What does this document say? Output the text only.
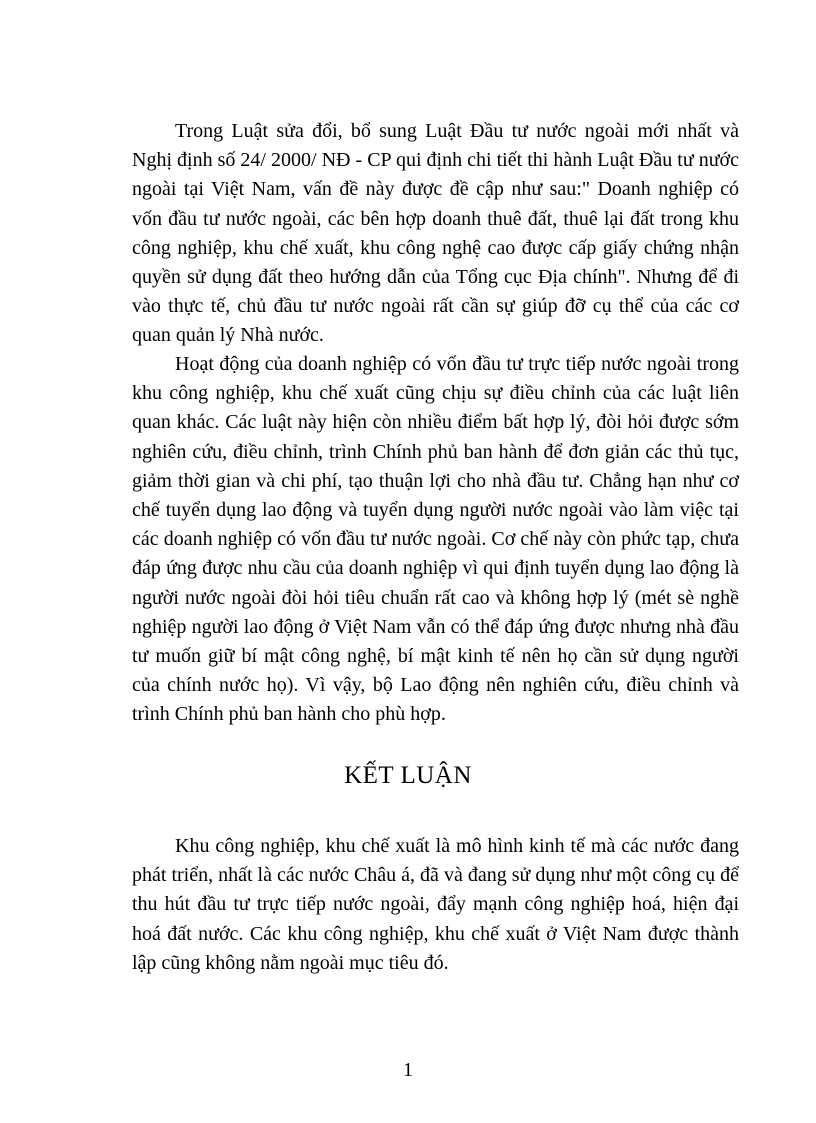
Trong Luật sửa đổi, bổ sung Luật Đầu tư nước ngoài mới nhất và Nghị định số 24/ 2000/ NĐ - CP qui định chi tiết thi hành Luật Đầu tư nước ngoài tại Việt Nam, vấn đề này được đề cập như sau:" Doanh nghiệp có vốn đầu tư nước ngoài, các bên hợp doanh thuê đất, thuê lại đất trong khu công nghiệp, khu chế xuất, khu công nghệ cao được cấp giấy chứng nhận quyền sử dụng đất theo hướng dẫn của Tổng cục Địa chính". Nhưng để đi vào thực tế, chủ đầu tư nước ngoài rất cần sự giúp đỡ cụ thể của các cơ quan quản lý Nhà nước.

Hoạt động của doanh nghiệp có vốn đầu tư trực tiếp nước ngoài trong khu công nghiệp, khu chế xuất cũng chịu sự điều chỉnh của các luật liên quan khác. Các luật này hiện còn nhiều điểm bất hợp lý, đòi hỏi được sớm nghiên cứu, điều chỉnh, trình Chính phủ ban hành để đơn giản các thủ tục, giảm thời gian và chi phí, tạo thuận lợi cho nhà đầu tư. Chẳng hạn như cơ chế tuyển dụng lao động và tuyển dụng người nước ngoài vào làm việc tại các doanh nghiệp có vốn đầu tư nước ngoài. Cơ chế này còn phức tạp, chưa đáp ứng được nhu cầu của doanh nghiệp vì qui định tuyển dụng lao động là người nước ngoài đòi hỏi tiêu chuẩn rất cao và không hợp lý (mét sè nghề nghiệp người lao động ở Việt Nam vẫn có thể đáp ứng được nhưng nhà đầu tư muốn giữ bí mật công nghệ, bí mật kinh tế nên họ cần sử dụng người của chính nước họ). Vì vậy, bộ Lao động nên nghiên cứu, điều chỉnh và trình Chính phủ ban hành cho phù hợp.

KẾT LUẬN

Khu công nghiệp, khu chế xuất là mô hình kinh tế mà các nước đang phát triển, nhất là các nước Châu á, đã và đang sử dụng như một công cụ để thu hút đầu tư trực tiếp nước ngoài, đẩy mạnh công nghiệp hoá, hiện đại hoá đất nước. Các khu công nghiệp, khu chế xuất ở Việt Nam được thành lập cũng không nằm ngoài mục tiêu đó.

1
